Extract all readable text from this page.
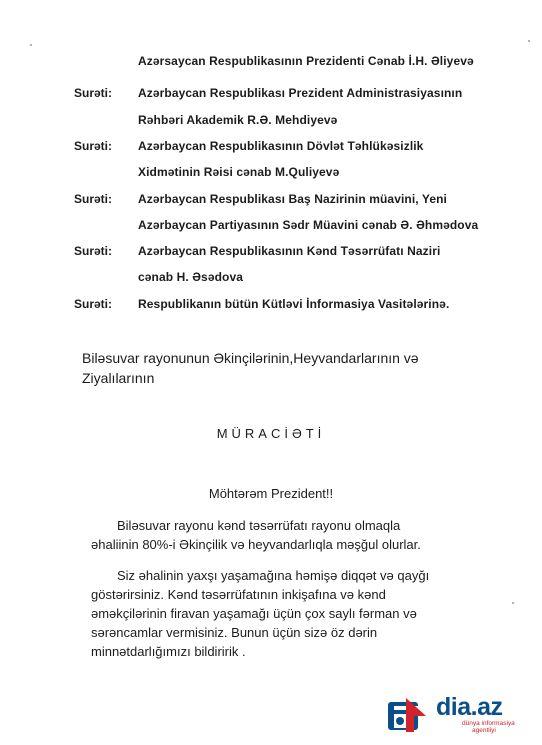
Azərsaycan Respublikasının Prezidenti Cənab İ.H. Əliyevə
Surəti: Azərbaycan Respublikası Prezident Administrasiyasının
Rəhbəri Akademik R.Ə. Mehdiyevə
Surəti: Azərbaycan Respublikasının Dövlət Təhlükəsizlik
Xidmətinin Rəisi cənab M.Quliyevə
Surəti: Azərbaycan Respublikası Baş Nazirinin müavini, Yeni
Azərbaycan Partiyasının Sədr Müavini cənab Ə. Əhmədova
Surəti: Azərbaycan Respublikasının Kənd Təsərrüfatı Naziri
cənab H. Əsədova
Surəti: Respublikanın bütün Kütləvi İnformasiya Vasitələrinə.
Biləsuvar rayonunun Əkinçilərinin,Heyvandarlarının və
Ziyalılarının
MÜRACİƏTİ
Möhtərəm Prezident!!
Biləsuvar rayonu kənd təsərrüfatı rayonu olmaqla
əhaliinin 80%-i Əkinçilik və heyvandarlıqla məşğul olurlar.
Siz əhalinin yaxşı yaşamağına həmişə diqqət və qayğı
göstərirsiniz. Kənd təsərrüfatının inkişafına və kənd
əməkçilərinin firavan yaşamağı üçün çox saylı fərman və
sərəncamlar vermisiniz. Bunun üçün sizə öz dərin
minnətdarlığımızı bildiririk .
dia.az
dünya informasiya
agentliyi
